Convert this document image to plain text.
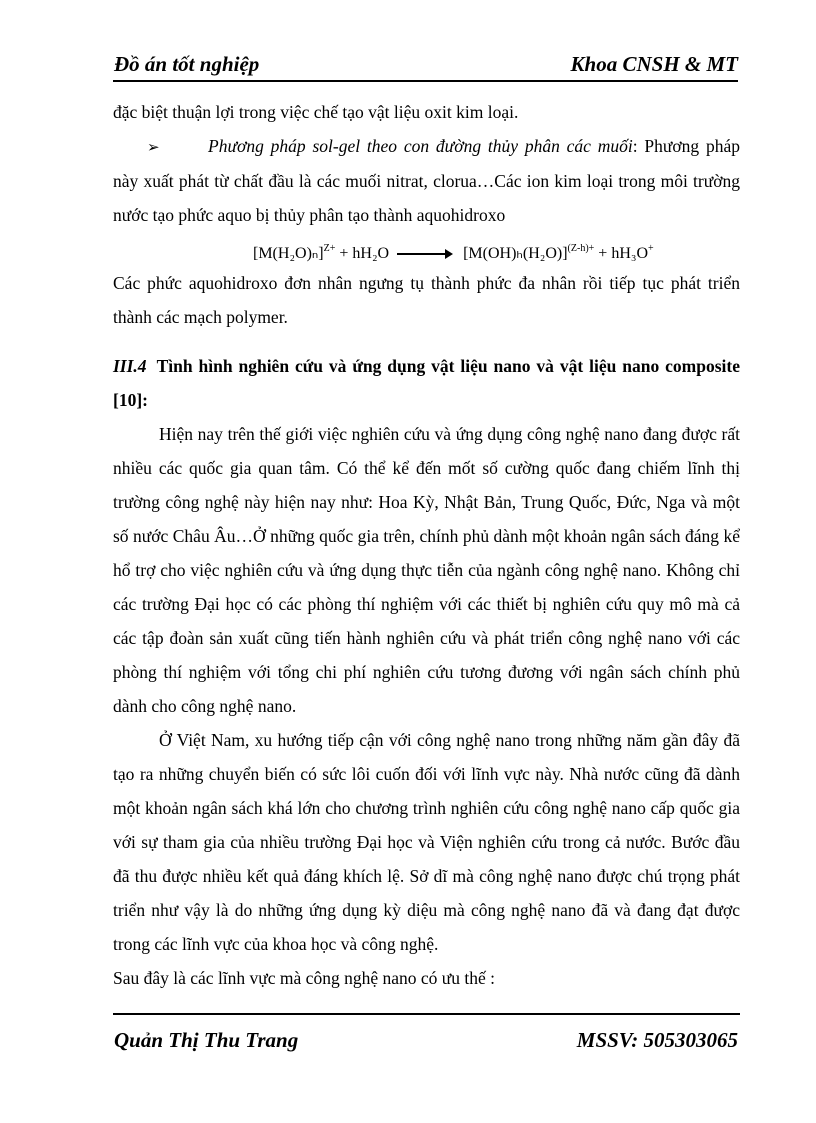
Đồ án tốt nghiệp	Khoa CNSH & MT

đặc biệt thuận lợi trong việc chế tạo vật liệu oxit kim loại.

➢	Phương pháp sol-gel theo con đường thủy phân các muối: Phương pháp này xuất phát từ chất đầu là các muối nitrat, clorua…Các ion kim loại trong môi trường nước tạo phức aquo bị thủy phân tạo thành aquohidroxo

$[M(H_2O)_n]^{Z+} + hH_2O \to [M(OH)_h(H_2O)]^{(Z-h)+} + hH_3O^+$

Các phức aquohidroxo đơn nhân ngưng tụ thành phức đa nhân rồi tiếp tục phát triển thành các mạch polymer.

III.4 Tình hình nghiên cứu và ứng dụng vật liệu nano và vật liệu nano composite [10]:

Hiện nay trên thế giới việc nghiên cứu và ứng dụng công nghệ nano đang được rất nhiều các quốc gia quan tâm. Có thể kể đến mốt số cường quốc đang chiếm lĩnh thị trường công nghệ này hiện nay như: Hoa Kỳ, Nhật Bản, Trung Quốc, Đức, Nga và một số nước Châu Âu…Ở những quốc gia trên, chính phủ dành một khoản ngân sách đáng kể hổ trợ cho việc nghiên cứu và ứng dụng thực tiễn của ngành công nghệ nano. Không chỉ các trường Đại học có các phòng thí nghiệm với các thiết bị nghiên cứu quy mô mà cả các tập đoàn sản xuất cũng tiến hành nghiên cứu và phát triển công nghệ nano với các phòng thí nghiệm với tổng chi phí nghiên cứu tương đương với ngân sách chính phủ dành cho công nghệ nano.

Ở Việt Nam, xu hướng tiếp cận với công nghệ nano trong những năm gần đây đã tạo ra những chuyển biến có sức lôi cuốn đối với lĩnh vực này. Nhà nước cũng đã dành một khoản ngân sách khá lớn cho chương trình nghiên cứu công nghệ nano cấp quốc gia với sự tham gia của nhiều trường Đại học và Viện nghiên cứu trong cả nước. Bước đầu đã thu được nhiều kết quả đáng khích lệ. Sở dĩ mà công nghệ nano được chú trọng phát triển như vậy là do những ứng dụng kỳ diệu mà công nghệ nano đã và đang đạt được trong các lĩnh vực của khoa học và công nghệ.

Sau đây là các lĩnh vực mà công nghệ nano có ưu thế :

Quản Thị Thu Trang	MSSV: 505303065
